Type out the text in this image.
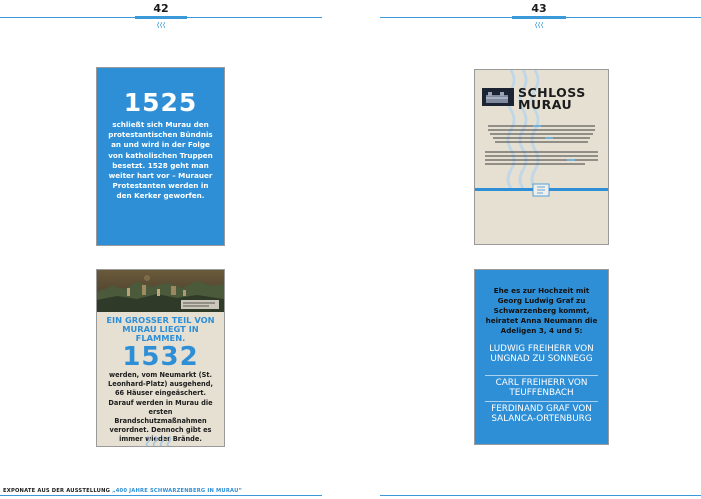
42	43
1525
schließt sich Murau den protestantischen Bündnis an und wird in der Folge von katholischen Truppen besetzt. 1528 geht man weiter hart vor – Murauer Protestanten werden in den Kerker geworfen.
EIN GROSSER TEIL VON MURAU LIEGT IN FLAMMEN.
1532
werden, vom Neumarkt (St. Leonhard-Platz) ausgehend, 66 Häuser eingeäschert. Darauf werden in Murau die ersten Brandschutzmaßnahmen verordnet. Dennoch gibt es immer wieder Brände.
SCHLOSS
MURAU
Ehe es zur Hochzeit mit Georg Ludwig Graf zu Schwarzenberg kommt, heiratet Anna Neumann die Adeligen 3, 4 und 5:
LUDWIG FREIHERR VON UNGNAD ZU SONNEGG
CARL FREIHERR VON TEUFFENBACH
FERDINAND GRAF VON SALANCA-ORTENBURG
EXPONATE AUS DER AUSSTELLUNG „400 JAHRE SCHWARZENBERG IN MURAU“
